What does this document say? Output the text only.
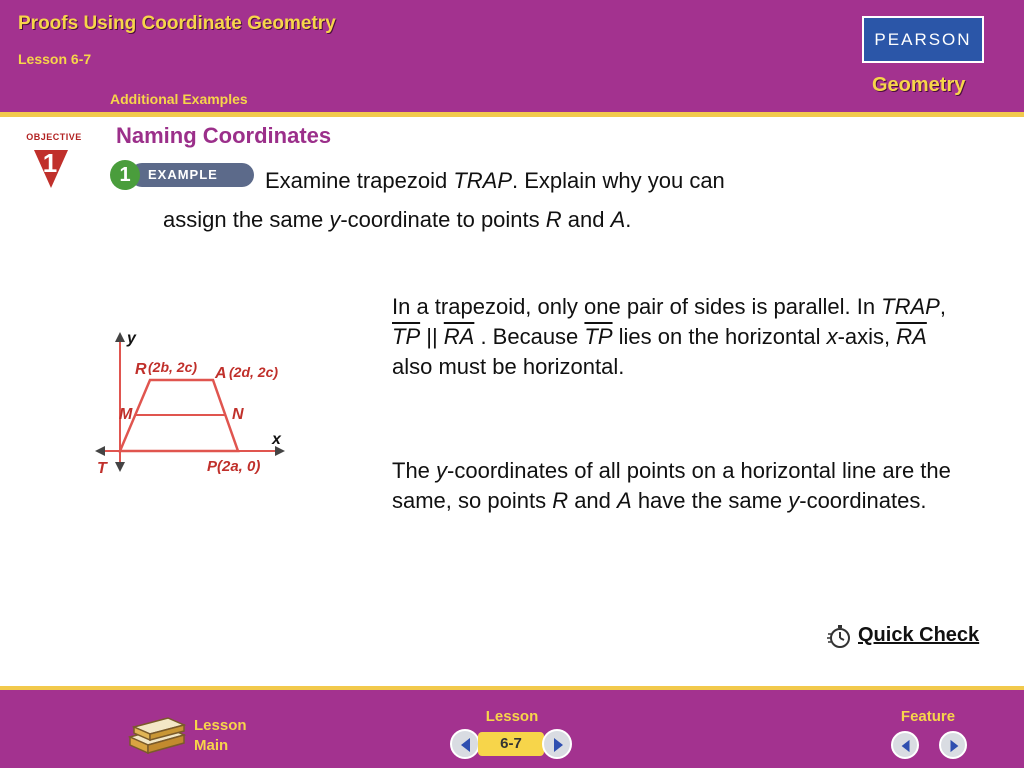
Proofs Using Coordinate Geometry
Lesson 6-7
Additional Examples
PEARSON
Geometry
OBJECTIVE
1
Naming Coordinates
EXAMPLE
1	Examine trapezoid TRAP. Explain why you can
assign the same y-coordinate to points R and A.
y
x
R (2b, 2c) A (2d, 2c)
M	N
T	P(2a, 0)
In a trapezoid, only one pair of sides is parallel. In TRAP, $\overline{TP}$ || $\overline{RA}$ . Because $\overline{TP}$ lies on the horizontal x-axis, $\overline{RA}$ also must be horizontal.
The y-coordinates of all points on a horizontal line are the same, so points R and A have the same y-coordinates.
Quick Check
Lesson
Main
Lesson
6-7
Feature
